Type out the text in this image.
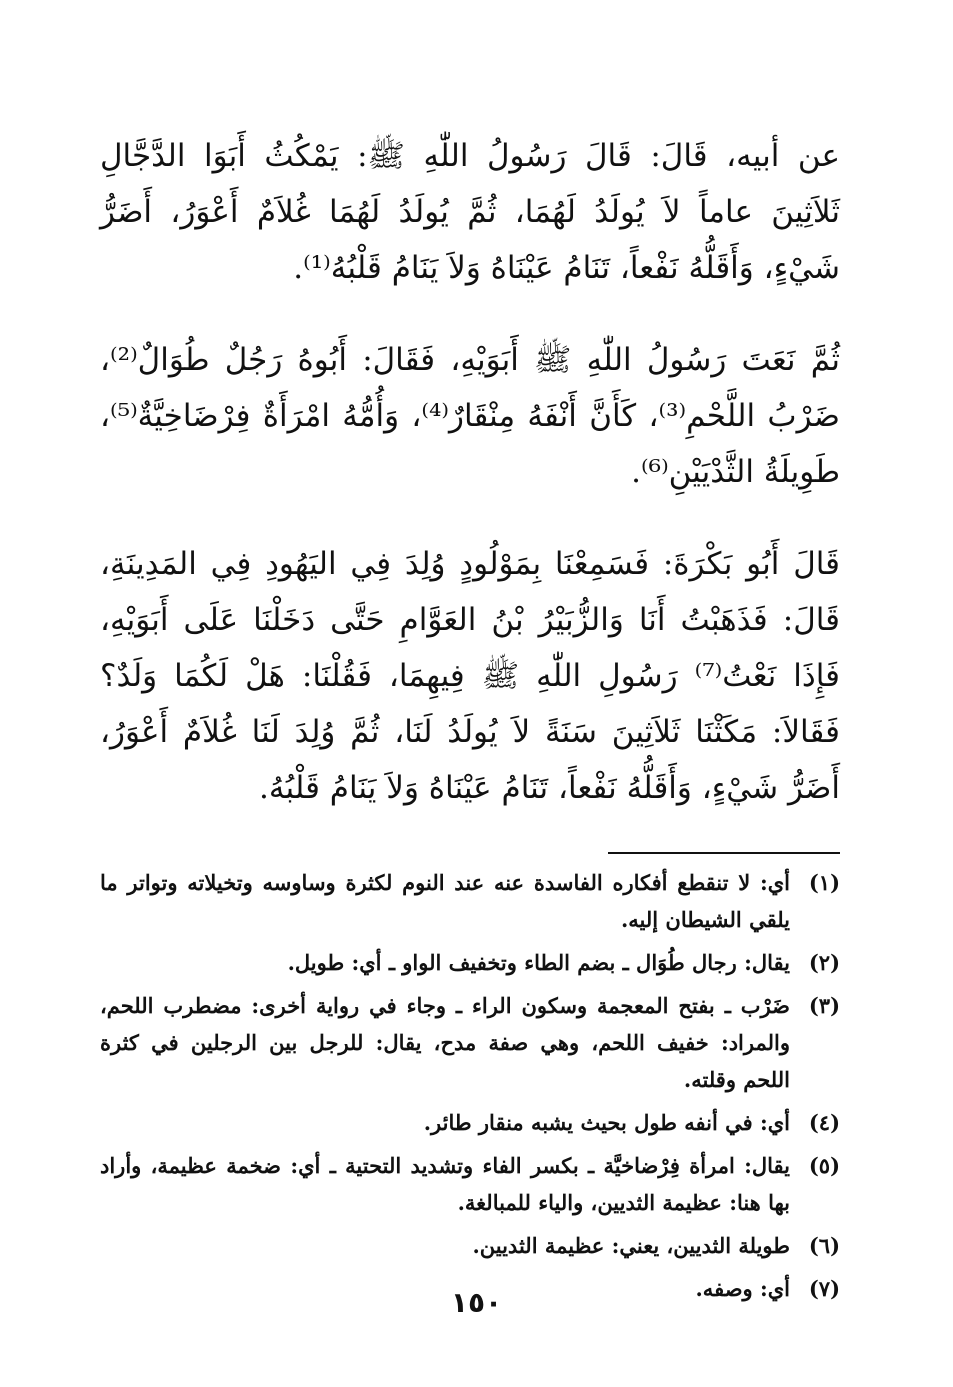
عن أبيه، قَالَ: قَالَ رَسُولُ اللّٰهِ ﷺ: يَمْكُثُ أَبَوَا الدَّجَّالِ ثَلاَثِينَ عاماً لاَ يُولَدُ لَهُمَا، ثُمَّ يُولَدُ لَهُمَا غُلاَمٌ أَعْوَرُ، أَضَرُّ شَيْءٍ، وَأَقَلُّهُ نَفْعاً، تَنَامُ عَيْنَاهُ وَلاَ يَنَامُ قَلْبُهُ⁽¹⁾.

ثُمَّ نَعَتَ رَسُولُ اللّٰهِ ﷺ أَبَوَيْهِ، فَقَالَ: أَبُوهُ رَجُلٌ طُوَالٌ⁽²⁾، ضَرْبُ اللَّحْمِ⁽³⁾، كَأَنَّ أَنْفَهُ مِنْقَارٌ⁽⁴⁾، وَأُمُّهُ امْرَأَةٌ فِرْضَاخِيَّةٌ⁽⁵⁾، طَوِيلَةُ الثَّدْيَيْنِ⁽⁶⁾.

قَالَ أَبُو بَكْرَةَ: فَسَمِعْنَا بِمَوْلُودٍ وُلِدَ فِي اليَهُودِ فِي المَدِينَةِ، قَالَ: فَذَهَبْتُ أَنَا وَالزُّبَيْرُ بْنُ العَوَّامِ حَتَّى دَخَلْنَا عَلَى أَبَوَيْهِ، فَإِذَا نَعْتُ⁽⁷⁾ رَسُولِ اللّٰهِ ﷺ فِيهِمَا، فَقُلْنَا: هَلْ لَكُمَا وَلَدٌ؟ فَقَالاَ: مَكَثْنَا ثَلاَثِينَ سَنَةً لاَ يُولَدُ لَنَا، ثُمَّ وُلِدَ لَنَا غُلاَمٌ أَعْوَرُ، أَضَرُّ شَيْءٍ، وَأَقَلُّهُ نَفْعاً، تَنَامُ عَيْنَاهُ وَلاَ يَنَامُ قَلْبُهُ.

(١)
أي: لا تنقطع أفكاره الفاسدة عنه عند النوم لكثرة وساوسه وتخيلاته وتواتر ما يلقي الشيطان إليه.
(٢)
يقال: رجال طُوَال ـ بضم الطاء وتخفيف الواو ـ أي: طويل.
(٣)
ضَرْب ـ بفتح المعجمة وسكون الراء ـ وجاء في رواية أخرى: مضطرب اللحم، والمراد: خفيف اللحم، وهي صفة مدح، يقال: للرجل بين الرجلين في كثرة اللحم وقلته.
(٤)
أي: في أنفه طول بحيث يشبه منقار طائر.
(٥)
يقال: امرأة فِرْضاخيَّة ـ بكسر الفاء وتشديد التحتية ـ أي: ضخمة عظيمة، وأراد بها هنا: عظيمة الثديين، والياء للمبالغة.
(٦)
طويلة الثديين، يعني: عظيمة الثديين.
(٧)
أي: وصفه.
١٥٠
